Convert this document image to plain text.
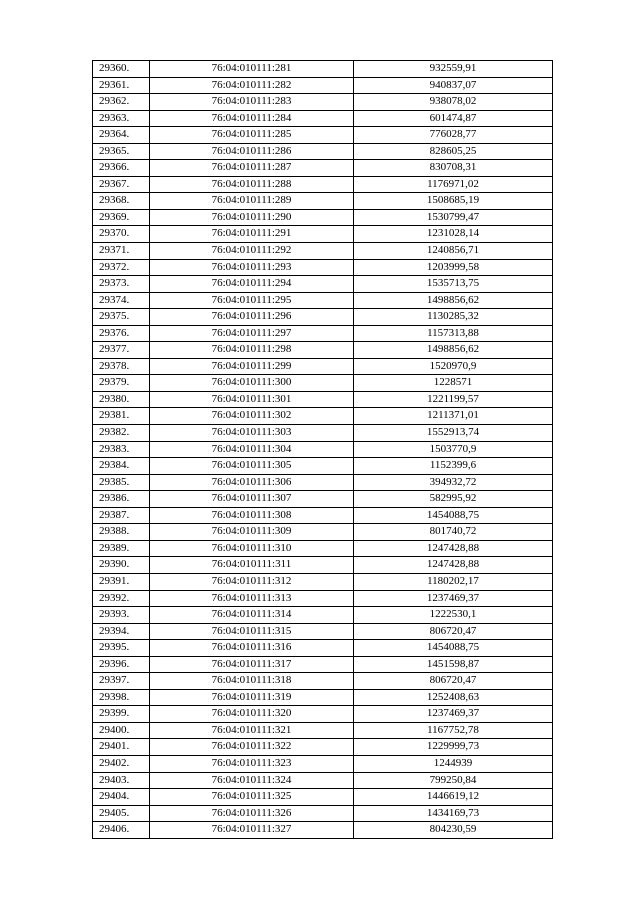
29360.	76:04:010111:281	932559,91
29361.	76:04:010111:282	940837,07
29362.	76:04:010111:283	938078,02
29363.	76:04:010111:284	601474,87
29364.	76:04:010111:285	776028,77
29365.	76:04:010111:286	828605,25
29366.	76:04:010111:287	830708,31
29367.	76:04:010111:288	1176971,02
29368.	76:04:010111:289	1508685,19
29369.	76:04:010111:290	1530799,47
29370.	76:04:010111:291	1231028,14
29371.	76:04:010111:292	1240856,71
29372.	76:04:010111:293	1203999,58
29373.	76:04:010111:294	1535713,75
29374.	76:04:010111:295	1498856,62
29375.	76:04:010111:296	1130285,32
29376.	76:04:010111:297	1157313,88
29377.	76:04:010111:298	1498856,62
29378.	76:04:010111:299	1520970,9
29379.	76:04:010111:300	1228571
29380.	76:04:010111:301	1221199,57
29381.	76:04:010111:302	1211371,01
29382.	76:04:010111:303	1552913,74
29383.	76:04:010111:304	1503770,9
29384.	76:04:010111:305	1152399,6
29385.	76:04:010111:306	394932,72
29386.	76:04:010111:307	582995,92
29387.	76:04:010111:308	1454088,75
29388.	76:04:010111:309	801740,72
29389.	76:04:010111:310	1247428,88
29390.	76:04:010111:311	1247428,88
29391.	76:04:010111:312	1180202,17
29392.	76:04:010111:313	1237469,37
29393.	76:04:010111:314	1222530,1
29394.	76:04:010111:315	806720,47
29395.	76:04:010111:316	1454088,75
29396.	76:04:010111:317	1451598,87
29397.	76:04:010111:318	806720,47
29398.	76:04:010111:319	1252408,63
29399.	76:04:010111:320	1237469,37
29400.	76:04:010111:321	1167752,78
29401.	76:04:010111:322	1229999,73
29402.	76:04:010111:323	1244939
29403.	76:04:010111:324	799250,84
29404.	76:04:010111:325	1446619,12
29405.	76:04:010111:326	1434169,73
29406.	76:04:010111:327	804230,59
